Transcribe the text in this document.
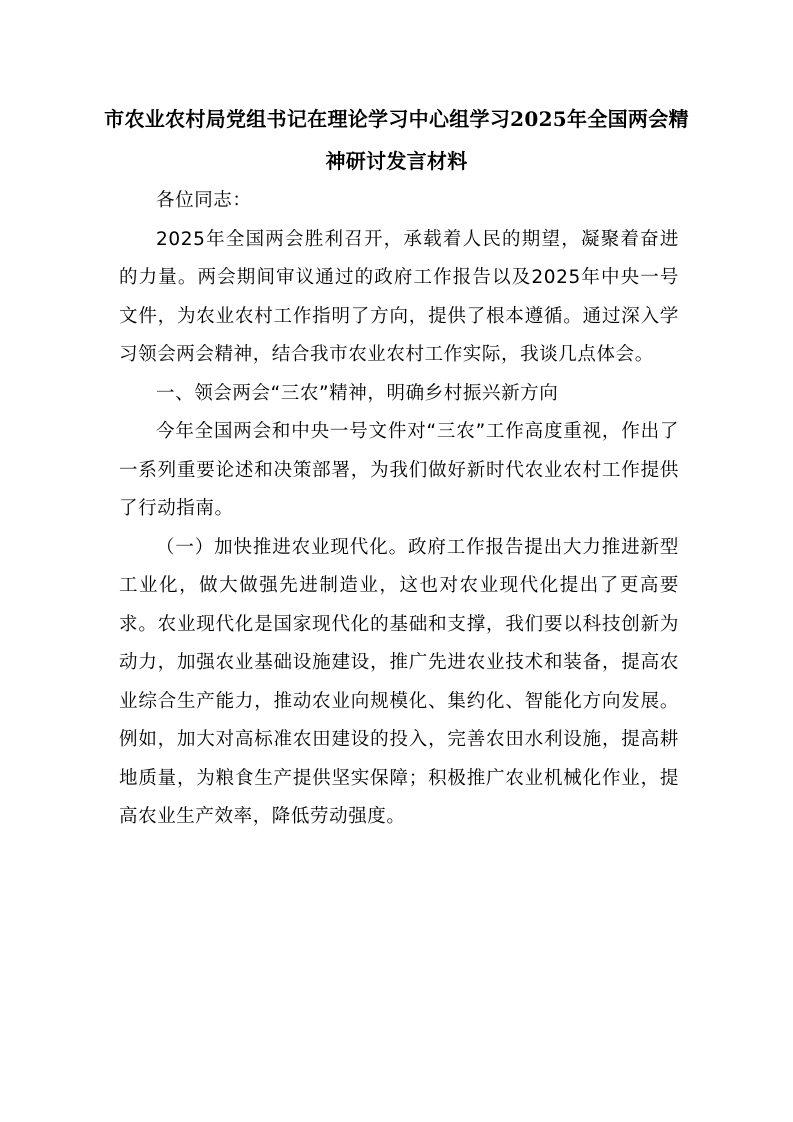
市农业农村局党组书记在理论学习中心组学习2025年全国两会精神研讨发言材料

各位同志：

2025年全国两会胜利召开，承载着人民的期望，凝聚着奋进的力量。两会期间审议通过的政府工作报告以及2025年中央一号文件，为农业农村工作指明了方向，提供了根本遵循。通过深入学习领会两会精神，结合我市农业农村工作实际，我谈几点体会。

一、领会两会“三农”精神，明确乡村振兴新方向

今年全国两会和中央一号文件对“三农”工作高度重视，作出了一系列重要论述和决策部署，为我们做好新时代农业农村工作提供了行动指南。

（一）加快推进农业现代化。政府工作报告提出大力推进新型工业化，做大做强先进制造业，这也对农业现代化提出了更高要求。农业现代化是国家现代化的基础和支撑，我们要以科技创新为动力，加强农业基础设施建设，推广先进农业技术和装备，提高农业综合生产能力，推动农业向规模化、集约化、智能化方向发展。例如，加大对高标准农田建设的投入，完善农田水利设施，提高耕地质量，为粮食生产提供坚实保障；积极推广农业机械化作业，提高农业生产效率，降低劳动强度。
